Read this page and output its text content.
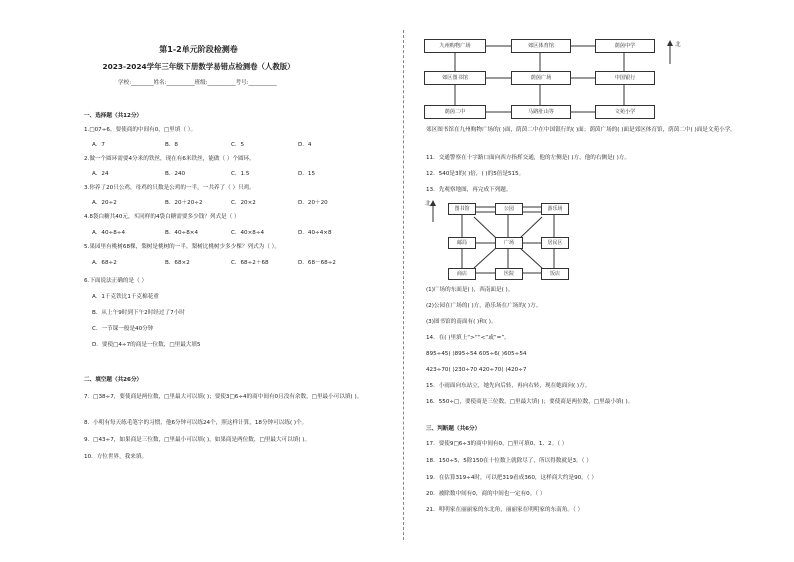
第1-2单元阶段检测卷
2023-2024学年三年级下册数学易错点检测卷（人教版）
学校:________姓名:__________班级:__________考号:__________
一、选择题（共12分）
1.□07÷6，要使商的中间有0，□里填（ ）。
A．7	B．8	C．5	D．4
2.做一个圆环需要4分米的铁丝，现在有6米铁丝，能做（ ）个圆环。
A．24	B．240	C．1.5	D．15
3.你养了20只公鸡，母鸡的只数是公鸡的一半，一共养了（ ）只鸡。
A．20÷2	B．20＋20÷2	C．20×2	D．20＋20
4.8袋白糖共40元，买同样的4袋白糖需要多少钱？列式是（ ）
A．40÷8÷4	B．40÷8×4	C．40×8÷4	D．40÷4×8
5.果园里有桃树68棵，梨树是桃树的一半，梨树比桃树少多少棵？列式为（ ）。
A．68÷2	B．68×2	C．68÷2＋68	D．68－68÷2
6.下面说法正确的是（ ）
A．1千克铁比1千克棉花重
B．从上午9时到下午2时经过了7小时
C．一节课一般是40分钟
D．要使□4÷7的商是一位数，□里最大填5
二、填空题（共26分）
7．□38÷7，要使商是两位数，□里最大可以填( )；要使3□6÷4的商中间有0且没有余数，□里最小可以填( )。
8．小明有每天练毛笔字的习惯，他6分钟可以练24个，照这样计算，18分钟可以练( )个。
9．□43÷7，如果商是三位数，□里最小可以填( )，如果商是两位数，□里最大可以填( )。
10．方位世界，我来填。
九州购物广场	郊区体育馆	荫茵中学
郊区图书馆	荫茵广场	中国银行
荫茵二中	马路肚山等	文苑小学
北
郊区图书馆在九州购物广场的( )面，荫茵二中在中国银行的( )面；荫茵广场的( )面是郊区体育馆，荫茵二中( )面是文苑小学。
11．交通警察在十字路口面向西方指挥交通，他的左侧是( )方，他的右侧是( )方。
12．540是3的( )倍，( )的5倍是515。
13．先观察地图，再完成下列题。
图书馆	公园	游乐场
邮局	广场	居民区
商店	医院	饭店
北
(1)广场的东面是( )，西南面是( )。
(2)公园在广场的( )方，游乐场在广场的( )方。
(3)图书馆的南面有( )和( )。
14．在( )里填上“>”“<”或“=”。
895÷45( )895÷54 605÷6( )605÷54
423÷70( )230÷70 420÷70( )420÷7
15．小雨面向东站立，她先向后转，再向右转，现在她面向( )方。
16．550÷□，要使商是三位数，□里最大填( )；要使商是两位数，□里最小填( )。
三、判断题（共6分）
17．要使9□6÷3的商中间有0，□里可填0、1、2。（ ）
18．150÷5，5除150在十位数上就除尽了，所以得数就是3。（ ）
19．在估算319÷4时，可以把319看成360，这样商大约是90。（ ）
20．被除数中间有0，商的中间也一定有0。（ ）
21．明明家在丽丽家的东北角，丽丽家在明明家的东南角。（ ）
